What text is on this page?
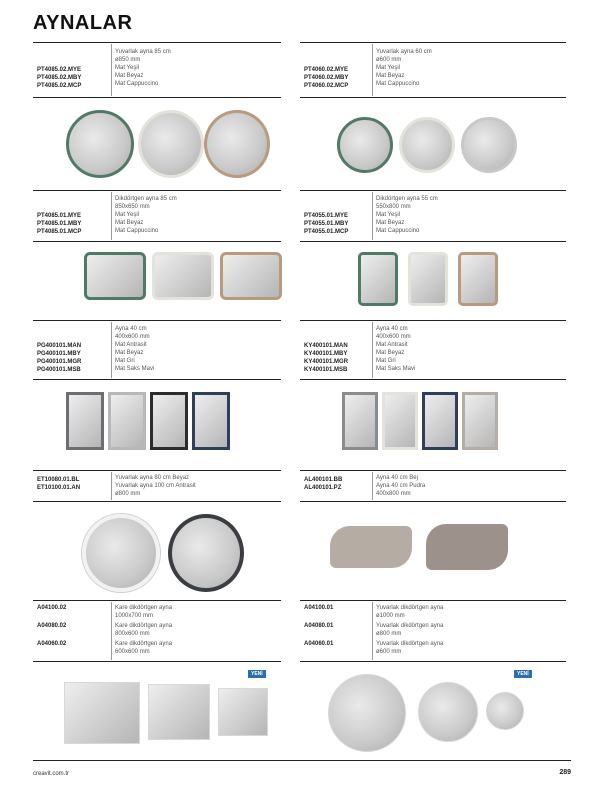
AYNALAR
PT4085.02.MYE
PT4085.02.MBY
PT4085.02.MCP
Yuvarlak ayna 85 cm
ø850 mm
Mat Yeşil
Mat Beyaz
Mat Cappuccino
PT4060.02.MYE
PT4060.02.MBY
PT4060.02.MCP
Yuvarlak ayna 60 cm
ø600 mm
Mat Yeşil
Mat Beyaz
Mat Cappuccino
PT4085.01.MYE
PT4085.01.MBY
PT4085.01.MCP
Dikdörtgen ayna 85 cm
850x650 mm
Mat Yeşil
Mat Beyaz
Mat Cappuccino
PT4055.01.MYE
PT4055.01.MBY
PT4055.01.MCP
Dikdörtgen ayna 55 cm
550x800 mm
Mat Yeşil
Mat Beyaz
Mat Cappuccino
PG400101.MAN
PG400101.MBY
PG400101.MGR
PG400101.MSB
Ayna 40 cm
400x600 mm
Mat Antrasit
Mat Beyaz
Mat Gri
Mat Saks Mavi
KY400101.MAN
KY400101.MBY
KY400101.MGR
KY400101.MSB
Ayna 40 cm
400x600 mm
Mat Antrasit
Mat Beyaz
Mat Gri
Mat Saks Mavi
ET10080.01.BL
ET10100.01.AN
Yuvarlak ayna 80 cm Beyaz
Yuvarlak ayna 100 cm Antrasit
ø800 mm
AL400101.BB
AL400101.PZ
Ayna 40 cm Bej
Ayna 40 cm Pudra
400x800 mm
A04100.02
A04080.02
A04060.02
Kare dikdörtgen ayna
1000x700 mm
Kare dikdörtgen ayna
800x600 mm
Kare dikdörtgen ayna
600x600 mm
A04100.01
A04080.01
A04060.01
Yuvarlak dikdörtgen ayna
ø1000 mm
Yuvarlak dikdörtgen ayna
ø800 mm
Yuvarlak dikdörtgen ayna
ø600 mm
YENİ	YENİ
creavit.com.tr	289
